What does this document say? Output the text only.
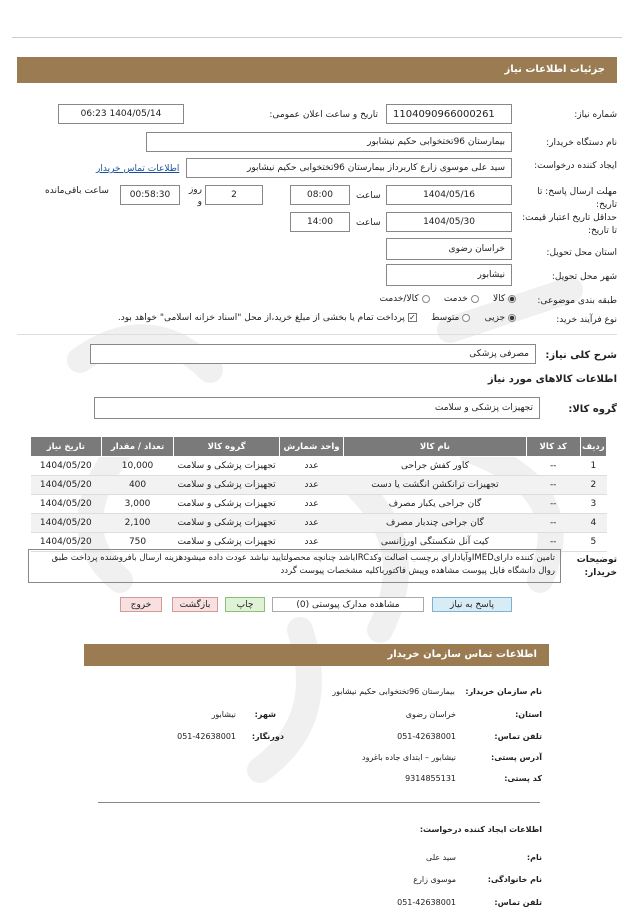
جزئیات اطلاعات نیاز
شماره نیاز:
1104090966000261
تاریخ و ساعت اعلان عمومی:
1404/05/14 06:23
نام دستگاه خریدار:
بیمارستان 96تختخوابی حکیم نیشابور
ایجاد کننده درخواست:
سید علی موسوی زارع کاربرداز بیمارستان 96تختخوابی حکیم نیشابور
اطلاعات تماس خریدار
مهلت ارسال پاسخ: تا تاریخ:
1404/05/16
ساعت
08:00
2
روز و
00:58:30
ساعت باقی‌مانده
حداقل تاریخ اعتبار قیمت: تا تاریخ:
1404/05/30
ساعت
14:00
استان محل تحویل:
خراسان رضوی
شهر محل تحویل:
نیشابور
طبقه بندی موضوعی:
کالا      خدمت      کالا/خدمت
نوع فرآیند خرید:
جزیی      متوسط     ✓ پرداخت تمام یا بخشی از مبلغ خرید،از محل "اسناد خزانه اسلامی" خواهد بود.
شرح کلی نیاز:
مصرفی پزشکی
اطلاعات کالاهای مورد نیاز
گروه کالا:
تجهیزات پزشکی و سلامت
ردیف	کد کالا	نام کالا	واحد شمارش	گروه کالا	تعداد / مقدار	تاریخ نیاز
1	--	کاور کفش جراحی	عدد	تجهیزات پزشکی و سلامت	10,000	1404/05/20
2	--	تجهیزات ترانکشن انگشت یا دست	عدد	تجهیزات پزشکی و سلامت	400	1404/05/20
3	--	گان جراحی یکبار مصرف	عدد	تجهیزات پزشکی و سلامت	3,000	1404/05/20
4	--	گان جراحی چندبار مصرف	عدد	تجهیزات پزشکی و سلامت	2,100	1404/05/20
5	--	کیت آنل شکستگی اورژانسی	عدد	تجهیزات پزشکی و سلامت	750	1404/05/20
توضیحات خریدار:
تامین کننده دارایIMEDوآیاداراي برچسب اصالت وکدIRCباشد چنانچه محصولتایید نباشد عودت داده میشودهزینه ارسال بافروشنده پرداخت طبق روال دانشگاه فایل پیوست مشاهده وپیش فاکتورباکلیه مشخصات پیوست گردد
پاسخ به نیاز
مشاهده مدارک پیوستی (0)
چاپ
بازگشت
خروج
اطلاعات تماس سازمان خریدار
نام سازمان خریدار: بیمارستان 96تختخوابی حکیم نیشابور
استان:
خراسان رضوی
شهر:
نیشابور
تلفن تماس:
051-42638001
دورنگار:
051-42638001
آدرس پستی:
نیشابور – ابتدای جاده باغرود
کد پستی:
9314855131
اطلاعات ایجاد کننده درخواست:
نام:
سید علی
نام خانوادگی:
موسوی زارع
تلفن تماس:
051-42638001
